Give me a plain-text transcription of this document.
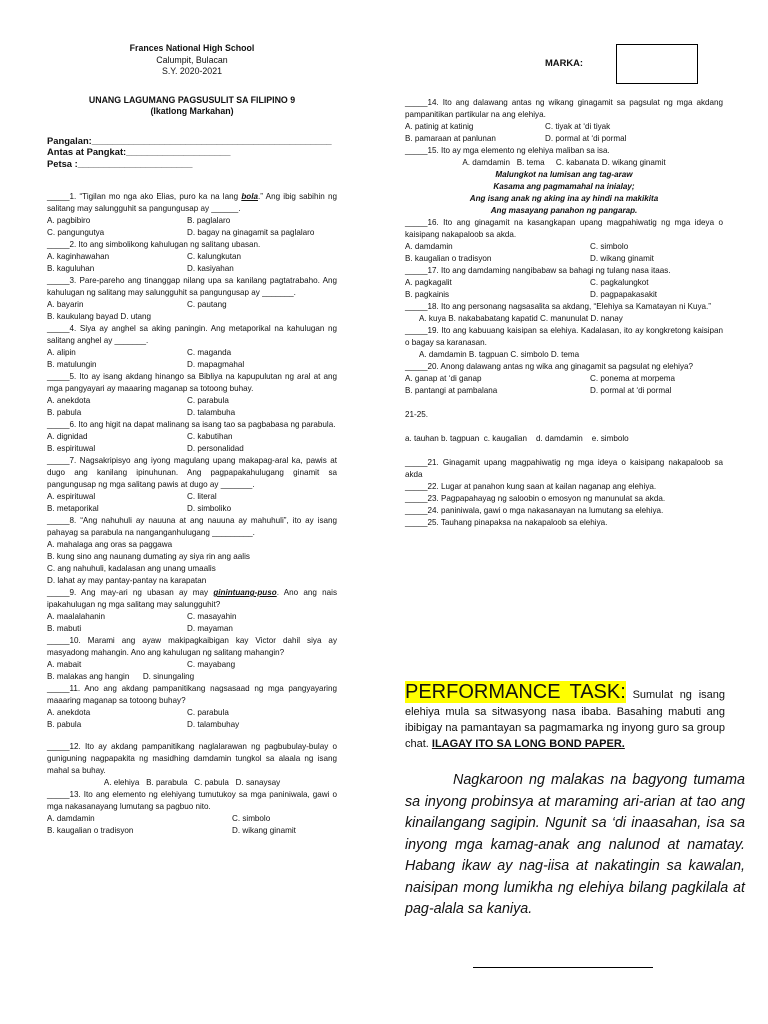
MARKA:
Frances National High School
Calumpit, Bulacan
S.Y. 2020-2021
UNANG LAGUMANG PAGSUSULIT SA FILIPINO 9
(Ikatlong Markahan)
Pangalan:______________________________________________
Antas at Pangkat:____________________
Petsa :______________________
_____1. “Tigilan mo nga ako Elias, puro ka na lang bola.” Ang ibig sabihin ng salitang may salungguhit sa pangungusap ay ______.
A. pagbibiro	B. paglalaro
C. pangungutya	D. bagay na ginagamit sa paglalaro
_____2. Ito ang simbolikong kahulugan ng salitang ubasan.
A. kaginhawahan	C. kalungkutan
B. kaguluhan	D. kasiyahan
_____3. Pare-pareho ang tinanggap nilang upa sa kanilang pagtatrabaho. Ang kahulugan ng salitang may salungguhit sa pangungusap ay _______.
A. bayarin	C. pautang
B. kaukulang bayad D. utang
_____4. Siya ay anghel sa aking paningin. Ang metaporikal na kahulugan ng salitang anghel ay _______.
A. alipin	C. maganda
B. matulungin	D. mapagmahal
_____5. Ito ay isang akdang hinango sa Bibliya na kapupulutan ng aral at ang mga pangyayari ay maaaring maganap sa totoong buhay.
A. anekdota	C. parabula
B. pabula	D. talambuha
_____6. Ito ang higit na dapat malinang sa isang tao sa pagbabasa ng parabula.
A. dignidad	C. kabutihan
B. espirituwal	D. personalidad
_____7. Nagsakripisyo ang iyong magulang upang makapag-aral ka, pawis at dugo ang kanilang ipinuhunan. Ang pagpapakahulugang ginamit sa pangungusap ng mga salitang pawis at dugo ay _______.
A. espirituwal	C. literal
B. metaporikal	D. simboliko
_____8. “Ang nahuhuli ay nauuna at ang nauuna ay mahuhuli”, ito ay isang pahayag sa parabula na nanganganhulugang _________.
A. mahalaga ang oras sa paggawa
B. kung sino ang naunang dumating ay siya rin ang aalis
C. ang nahuhuli, kadalasan ang unang umaalis
D. lahat ay may pantay-pantay na karapatan
_____9. Ang may-ari ng ubasan ay may ginintuang-puso. Ano ang nais ipakahulugan ng mga salitang may salungguhit?
A. maalalahanin	C. masayahin
B. mabuti	D. mayaman
_____10. Marami ang ayaw makipagkaibigan kay Victor dahil siya ay masyadong mahangin. Ano ang kahulugan ng salitang mahangin?
A. mabait	C. mayabang
B. malakas ang hangin      D. sinungaling
_____11. Ano ang akdang pampanitikang nagsasaad ng mga pangyayaring maaaring maganap sa totoong buhay?
A. anekdota	C. parabula
B. pabula	D. talambuhay
_____12. Ito ay akdang pampanitikang naglalarawan ng pagbubulay-bulay o guniguning nagpapakita ng masidhing damdamin tungkol sa alaala ng isang mahal sa buhay.
A. elehiya   B. parabula   C. pabula   D. sanaysay
_____13. Ito ang elemento ng elehiyang tumutukoy sa mga paniniwala, gawi o mga nakasanayang lumutang sa pagbuo nito.
A. damdamin	C. simbolo
B. kaugalian o tradisyon	D. wikang ginamit
_____14. Ito ang dalawang antas ng wikang ginagamit sa pagsulat ng mga akdang pampanitikan partikular na ang elehiya.
A. patinig at katinig	C. tiyak at ‘di tiyak
B. pamaraan at panlunan	D. pormal at ‘di pormal
_____15. Ito ay mga elemento ng elehiya maliban sa isa.
A. damdamin   B. tema     C. kabanata D. wikang ginamit
Malungkot na lumisan ang tag-araw
Kasama ang pagmamahal na inialay;
Ang isang anak ng aking ina ay hindi na makikita
Ang masayang panahon ng pangarap.
_____16. Ito ang ginagamit na kasangkapan upang magpahiwatig ng mga ideya o kaisipang nakapaloob sa akda.
A. damdamin	C. simbolo
B. kaugalian o tradisyon	D. wikang ginamit
_____17. Ito ang damdaming nangibabaw sa bahagi ng tulang nasa itaas.
A. pagkagalit	C. pagkalungkot
B. pagkainis	D. pagpapakasakit
_____18. Ito ang personang nagsasalita sa akdang, “Elehiya sa Kamatayan ni Kuya.”
A. kuya B. nakababatang kapatid C. manunulat D. nanay
_____19. Ito ang kabuuang kaisipan sa elehiya. Kadalasan, ito ay kongkretong kaisipan o bagay sa karanasan.
A. damdamin B. tagpuan C. simbolo D. tema
_____20. Anong dalawang antas ng wika ang ginagamit sa pagsulat ng elehiya?
A. ganap at ‘di ganap	C. ponema at morpema
B. pantangi at pambalana	D. pormal at ‘di pormal
21-25.
a. tauhan b. tagpuan  c. kaugalian    d. damdamin    e. simbolo
_____21. Ginagamit upang magpahiwatig ng mga ideya o kaisipang nakapaloob sa akda
_____22. Lugar at panahon kung saan at kailan naganap ang elehiya.
_____23. Pagpapahayag ng saloobin o emosyon ng manunulat sa akda.
_____24. paniniwala, gawi o mga nakasanayan na lumutang sa elehiya.
_____25. Tauhang pinapaksa na nakapaloob sa elehiya.
PERFORMANCE TASK: Sumulat ng isang elehiya mula sa sitwasyong nasa ibaba. Basahing mabuti ang ibibigay na pamantayan sa pagmamarka ng inyong guro sa group chat. ILAGAY ITO SA LONG BOND PAPER.
Nagkaroon ng malakas na bagyong tumama sa inyong probinsya at maraming ari-arian at tao ang kinailangang sagipin. Ngunit sa ‘di inaasahan, isa sa inyong mga kamag-anak ang nalunod at namatay. Habang ikaw ay nag-iisa at nakatingin sa kawalan, naisipan mong lumikha ng elehiya bilang pagkilala at pag-alala sa kaniya.
